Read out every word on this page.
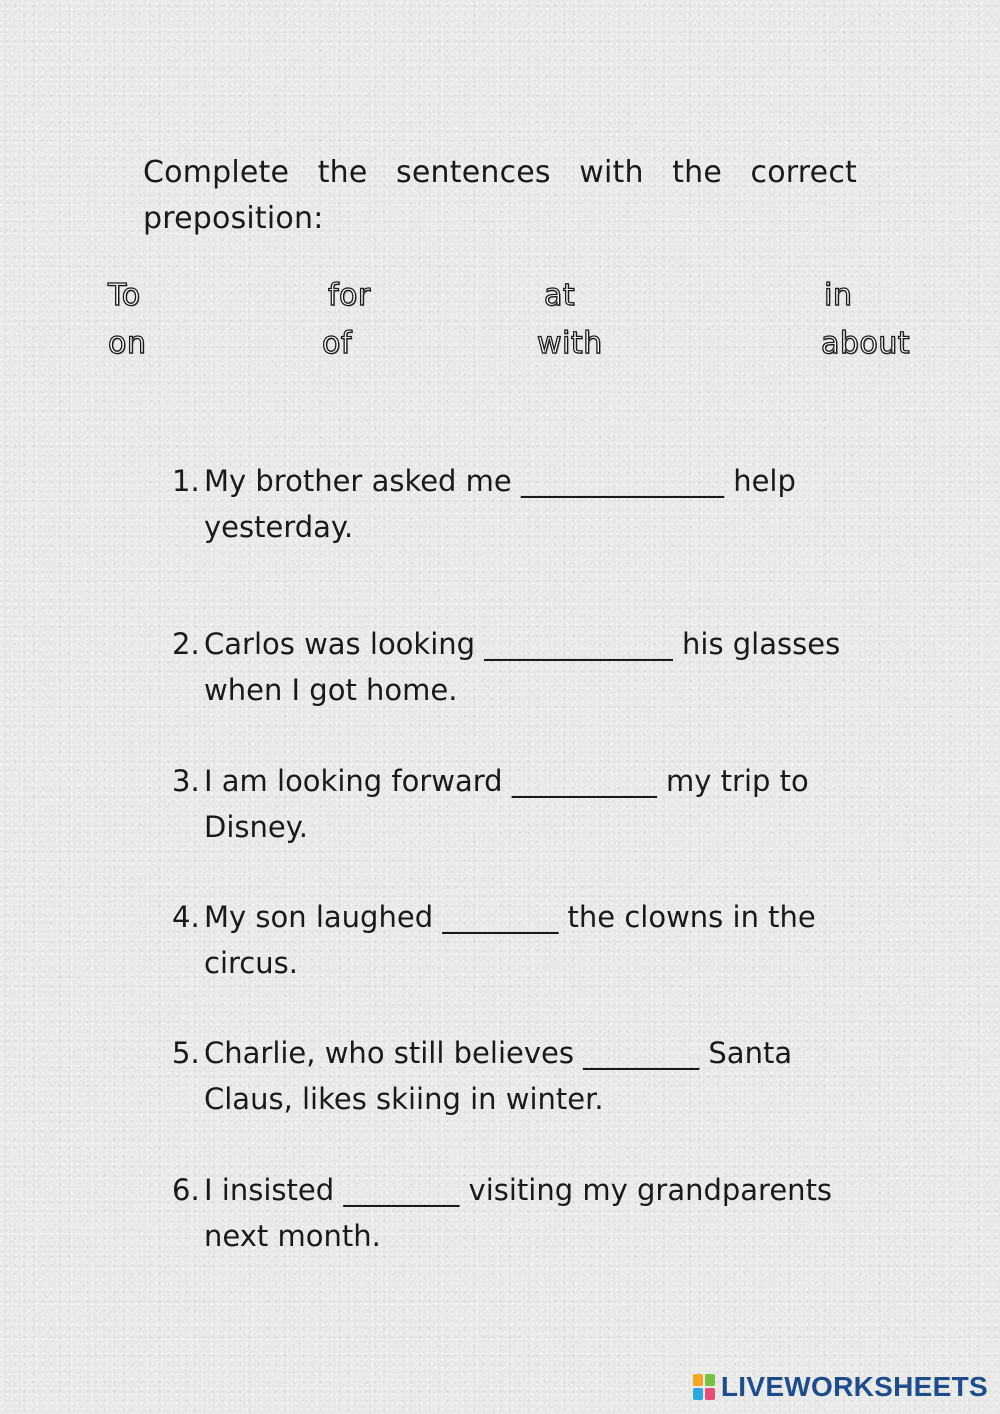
Complete the sentences with the correct preposition:

To	for	at	in
on	of	with	about
1. My brother asked me ______________ help yesterday.
2. Carlos was looking _____________ his glasses when I got home.
3. I am looking forward __________ my trip to Disney.
4. My son laughed ________ the clowns in the circus.
5. Charlie, who still believes ________ Santa Claus, likes skiing in winter.
6. I insisted ________ visiting my grandparents next month.
LIVEWORKSHEETS
